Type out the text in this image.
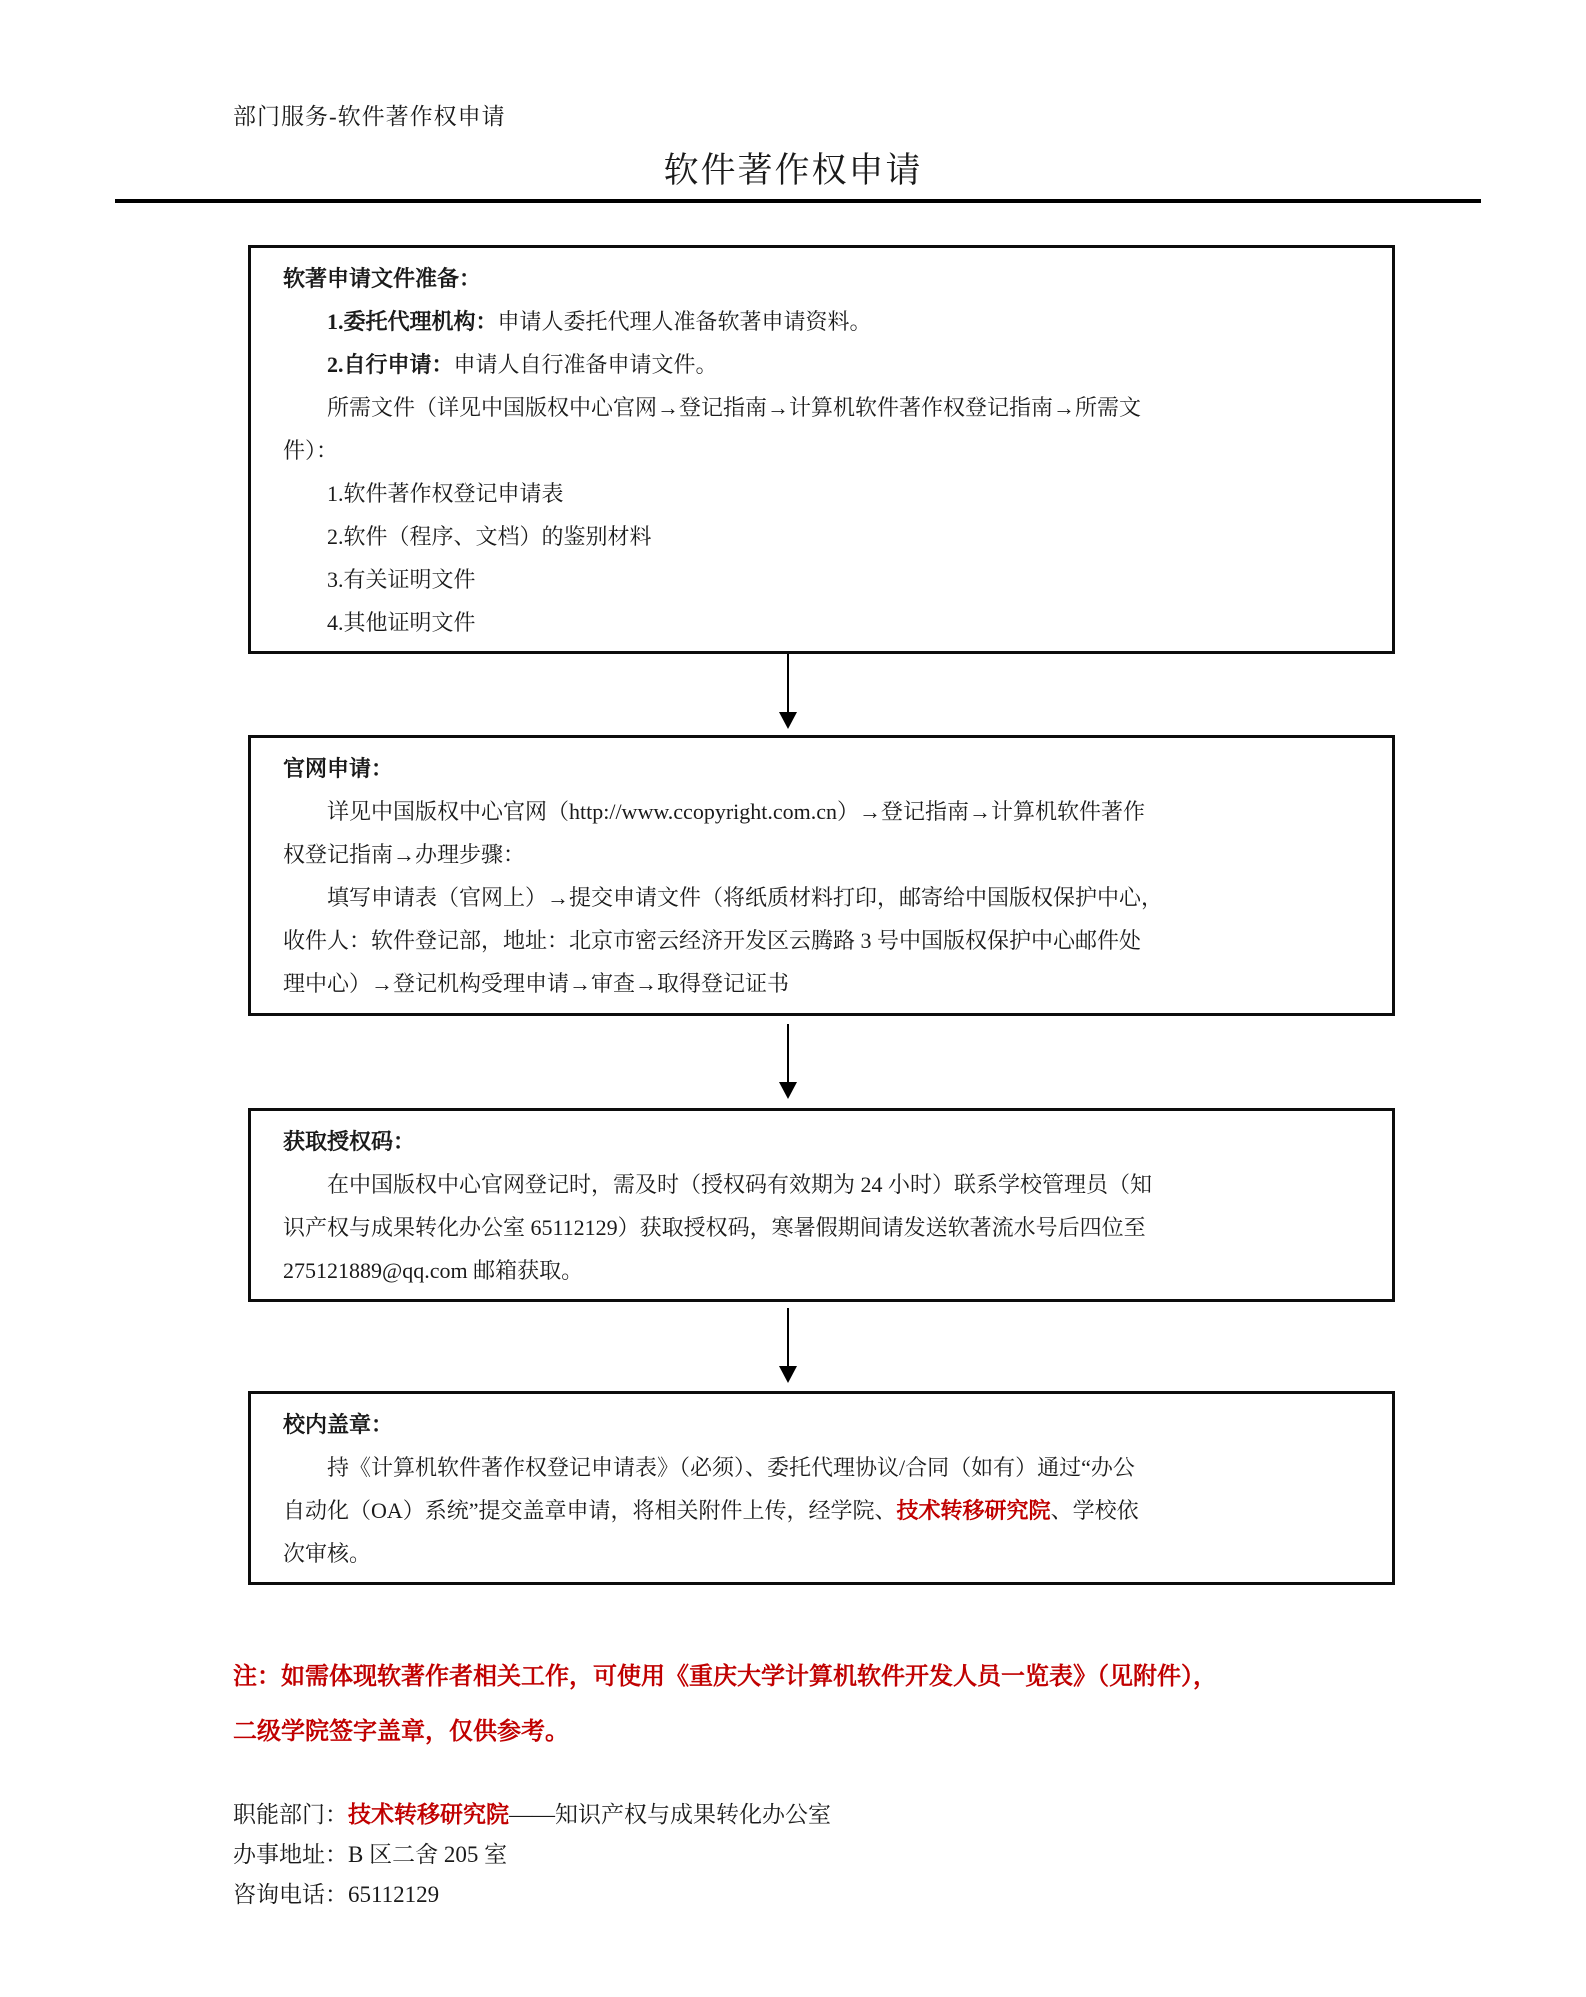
部门服务-软件著作权申请
软件著作权申请
软著申请文件准备：
1.委托代理机构：申请人委托代理人准备软著申请资料。
2.自行申请：申请人自行准备申请文件。
所需文件（详见中国版权中心官网→登记指南→计算机软件著作权登记指南→所需文
件）：
1.软件著作权登记申请表
2.软件（程序、文档）的鉴别材料
3.有关证明文件
4.其他证明文件
官网申请：
详见中国版权中心官网（http://www.ccopyright.com.cn）→登记指南→计算机软件著作
权登记指南→办理步骤：
填写申请表（官网上）→提交申请文件（将纸质材料打印，邮寄给中国版权保护中心，
收件人：软件登记部，地址：北京市密云经济开发区云腾路 3 号中国版权保护中心邮件处
理中心）→登记机构受理申请→审查→取得登记证书
获取授权码：
在中国版权中心官网登记时，需及时（授权码有效期为 24 小时）联系学校管理员（知
识产权与成果转化办公室 65112129）获取授权码，寒暑假期间请发送软著流水号后四位至
275121889@qq.com 邮箱获取。
校内盖章：
持《计算机软件著作权登记申请表》（必须）、委托代理协议/合同（如有）通过“办公
自动化（OA）系统”提交盖章申请，将相关附件上传，经学院、技术转移研究院、学校依
次审核。
注：如需体现软著作者相关工作，可使用《重庆大学计算机软件开发人员一览表》（见附件），
二级学院签字盖章，仅供参考。
职能部门：技术转移研究院——知识产权与成果转化办公室
办事地址：B 区二舍 205 室
咨询电话：65112129
